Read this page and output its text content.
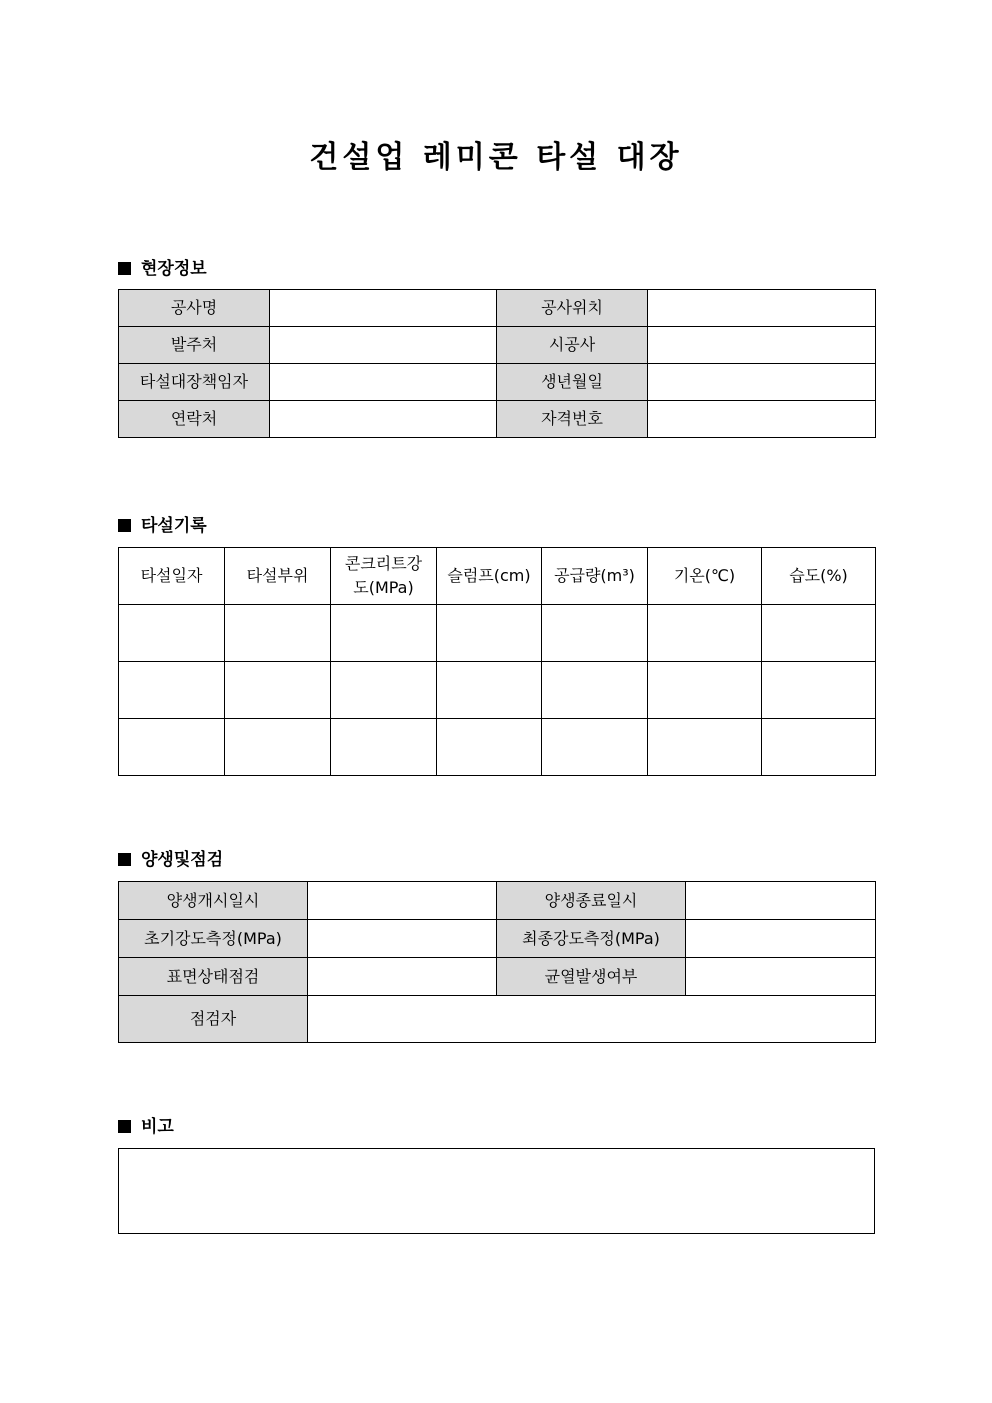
건설업 레미콘 타설 대장
현장정보
공사명		공사위치	
발주처		시공사	
타설대장책임자		생년월일	
연락처		자격번호	
타설기록
타설일자	타설부위	콘크리트강도(MPa)	슬럼프(cm)	공급량(m³)	기온(℃)	습도(%)

양생및점검
양생개시일시		양생종료일시	
초기강도측정(MPa)		최종강도측정(MPa)	
표면상태점검		균열발생여부	
점검자			
비고
